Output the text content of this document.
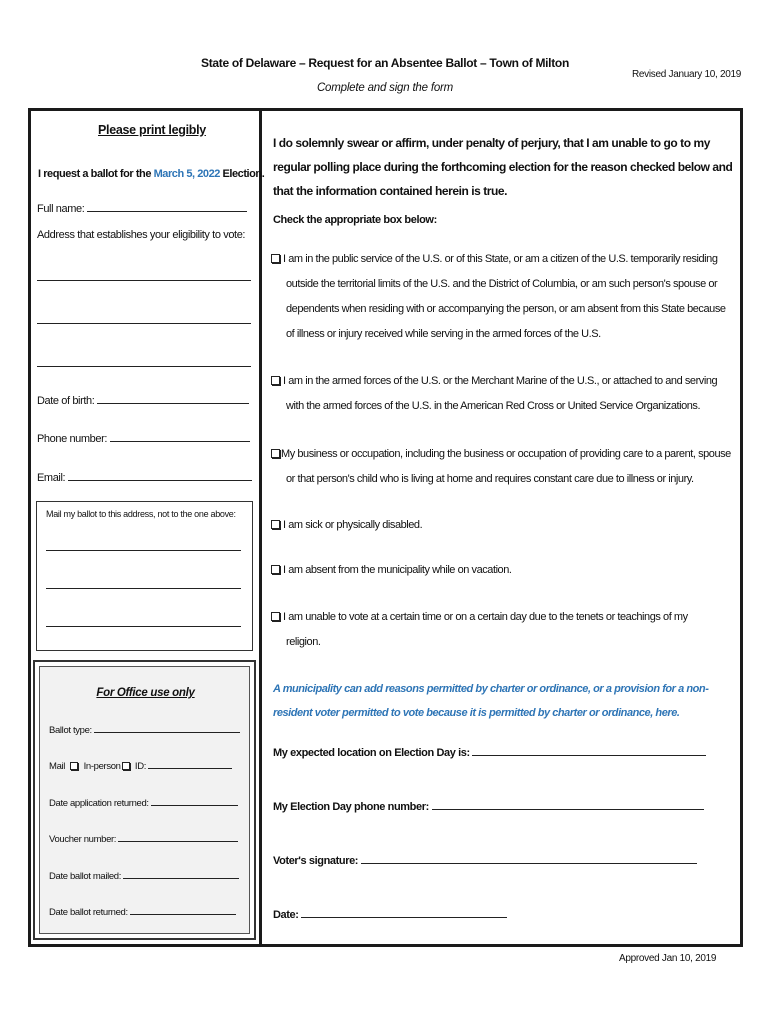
State of Delaware – Request for an Absentee Ballot – Town of Milton
Complete and sign the form
Revised January 10, 2019
Please print legibly
I request a ballot for the March 5, 2022 Election.
Full name:
Address that establishes your eligibility to vote:
Date of birth:
Phone number:
Email:
Mail my ballot to this address, not to the one above:
For Office use only
Ballot type:
Mail In-person ID:
Date application returned:
Voucher number:
Date ballot mailed:
Date ballot returned:
I do solemnly swear or affirm, under penalty of perjury, that I am unable to go to my regular polling place during the forthcoming election for the reason checked below and that the information contained herein is true.
Check the appropriate box below:
I am in the public service of the U.S. or of this State, or am a citizen of the U.S. temporarily residing
outside the territorial limits of the U.S. and the District of Columbia, or am such person's spouse or dependents when residing with or accompanying the person, or am absent from this State because of illness or injury received while serving in the armed forces of the U.S.
I am in the armed forces of the U.S. or the Merchant Marine of the U.S., or attached to and serving
with the armed forces of the U.S. in the American Red Cross or United Service Organizations.
My business or occupation, including the business or occupation of providing care to a parent, spouse
or that person's child who is living at home and requires constant care due to illness or injury.
I am sick or physically disabled.
I am absent from the municipality while on vacation.
I am unable to vote at a certain time or on a certain day due to the tenets or teachings of my
religion.
A municipality can add reasons permitted by charter or ordinance, or a provision for a non-resident voter permitted to vote because it is permitted by charter or ordinance, here.
My expected location on Election Day is:
My Election Day phone number:
Voter's signature:
Date:
Approved Jan 10, 2019
